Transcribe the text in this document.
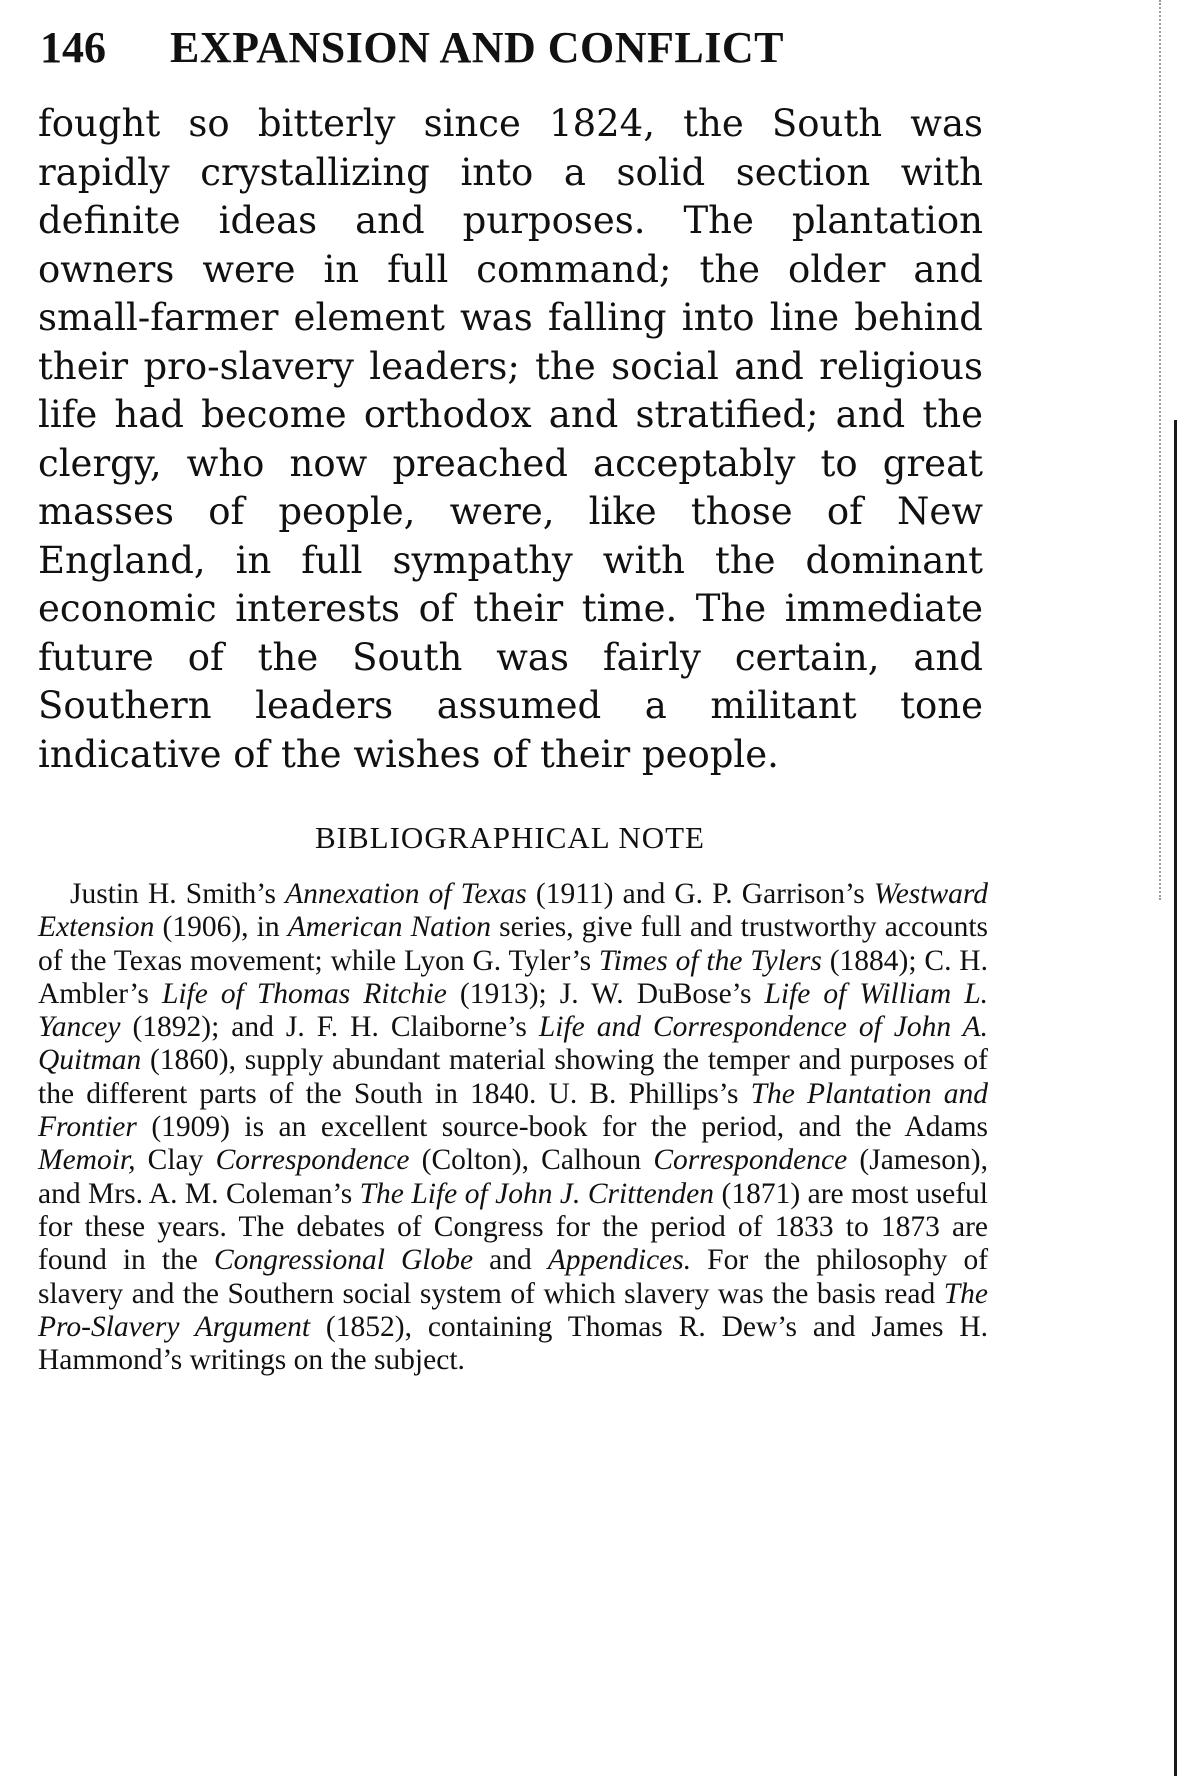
146	EXPANSION AND CONFLICT

fought so bitterly since 1824, the South was rapidly crystallizing into a solid section with definite ideas and purposes. The plantation owners were in full command; the older and small-farmer element was falling into line behind their pro-slavery leaders; the social and religious life had become orthodox and stratified; and the clergy, who now preached acceptably to great masses of people, were, like those of New England, in full sympathy with the dominant economic interests of their time. The immediate future of the South was fairly certain, and Southern leaders assumed a militant tone indicative of the wishes of their people.

BIBLIOGRAPHICAL NOTE

Justin H. Smith’s Annexation of Texas (1911) and G. P. Garrison’s Westward Extension (1906), in American Nation series, give full and trustworthy accounts of the Texas movement; while Lyon G. Tyler’s Times of the Tylers (1884); C. H. Ambler’s Life of Thomas Ritchie (1913); J. W. DuBose’s Life of William L. Yancey (1892); and J. F. H. Claiborne’s Life and Correspondence of John A. Quitman (1860), supply abundant material showing the temper and purposes of the different parts of the South in 1840. U. B. Phillips’s The Plantation and Frontier (1909) is an excellent source-book for the period, and the Adams Memoir, Clay Correspondence (Colton), Calhoun Correspondence (Jameson), and Mrs. A. M. Coleman’s The Life of John J. Crittenden (1871) are most useful for these years. The debates of Congress for the period of 1833 to 1873 are found in the Congressional Globe and Appendices. For the philosophy of slavery and the Southern social system of which slavery was the basis read The Pro-Slavery Argument (1852), containing Thomas R. Dew’s and James H. Hammond’s writings on the subject.
